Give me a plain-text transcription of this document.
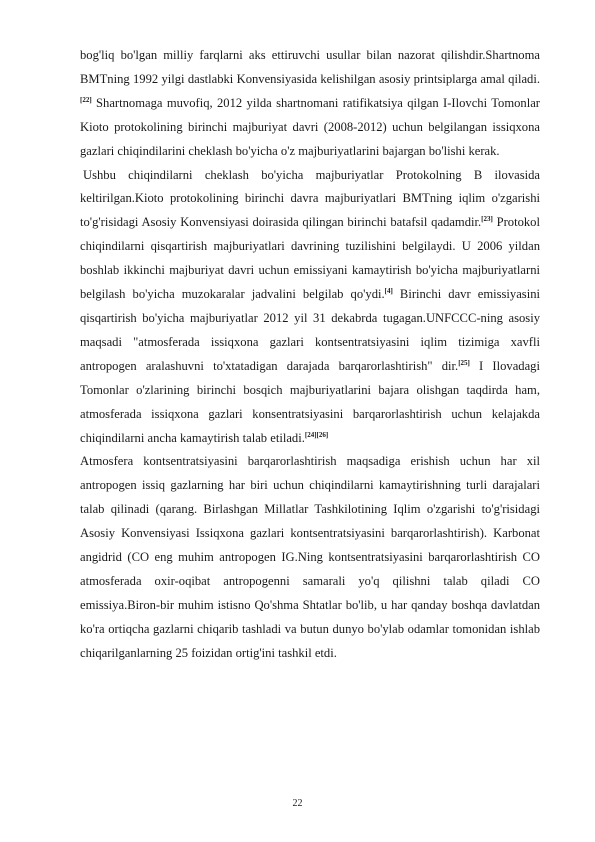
bog'liq bo'lgan milliy farqlarni aks ettiruvchi usullar bilan nazorat qilishdir.Shartnoma BMTning 1992 yilgi dastlabki Konvensiyasida kelishilgan asosiy printsiplarga amal qiladi.[22] Shartnomaga muvofiq, 2012 yilda shartnomani ratifikatsiya qilgan I-Ilovchi Tomonlar Kioto protokolining birinchi majburiyat davri (2008-2012) uchun belgilangan issiqxona gazlari chiqindilarini cheklash bo'yicha o'z majburiyatlarini bajargan bo'lishi kerak.

Ushbu chiqindilarni cheklash bo'yicha majburiyatlar Protokolning B ilovasida keltirilgan.Kioto protokolining birinchi davra majburiyatlari BMTning iqlim o'zgarishi to'g'risidagi Asosiy Konvensiyasi doirasida qilingan birinchi batafsil qadamdir.[23] Protokol chiqindilarni qisqartirish majburiyatlari davrining tuzilishini belgilaydi. U 2006 yildan boshlab ikkinchi majburiyat davri uchun emissiyani kamaytirish bo'yicha majburiyatlarni belgilash bo'yicha muzokaralar jadvalini belgilab qo'ydi.[4] Birinchi davr emissiyasini qisqartirish bo'yicha majburiyatlar 2012 yil 31 dekabrda tugagan.UNFCCC-ning asosiy maqsadi "atmosferada issiqxona gazlari kontsentratsiyasini iqlim tizimiga xavfli antropogen aralashuvni to'xtatadigan darajada barqarorlashtirish" dir.[25] I Ilovadagi Tomonlar o'zlarining birinchi bosqich majburiyatlarini bajara olishgan taqdirda ham, atmosferada issiqxona gazlari konsentratsiyasini barqarorlashtirish uchun kelajakda chiqindilarni ancha kamaytirish talab etiladi.[24][26]

Atmosfera kontsentratsiyasini barqarorlashtirish maqsadiga erishish uchun har xil antropogen issiq gazlarning har biri uchun chiqindilarni kamaytirishning turli darajalari talab qilinadi (qarang. Birlashgan Millatlar Tashkilotining Iqlim o'zgarishi to'g'risidagi Asosiy Konvensiyasi Issiqxona gazlari kontsentratsiyasini barqarorlashtirish). Karbonat angidrid (CO eng muhim antropogen IG.Ning kontsentratsiyasini barqarorlashtirish CO atmosferada oxir-oqibat antropogenni samarali yo'q qilishni talab qiladi CO emissiya.Biron-bir muhim istisno Qo'shma Shtatlar bo'lib, u har qanday boshqa davlatdan ko'ra ortiqcha gazlarni chiqarib tashladi va butun dunyo bo'ylab odamlar tomonidan ishlab chiqarilganlarning 25 foizidan ortig'ini tashkil etdi.

22
